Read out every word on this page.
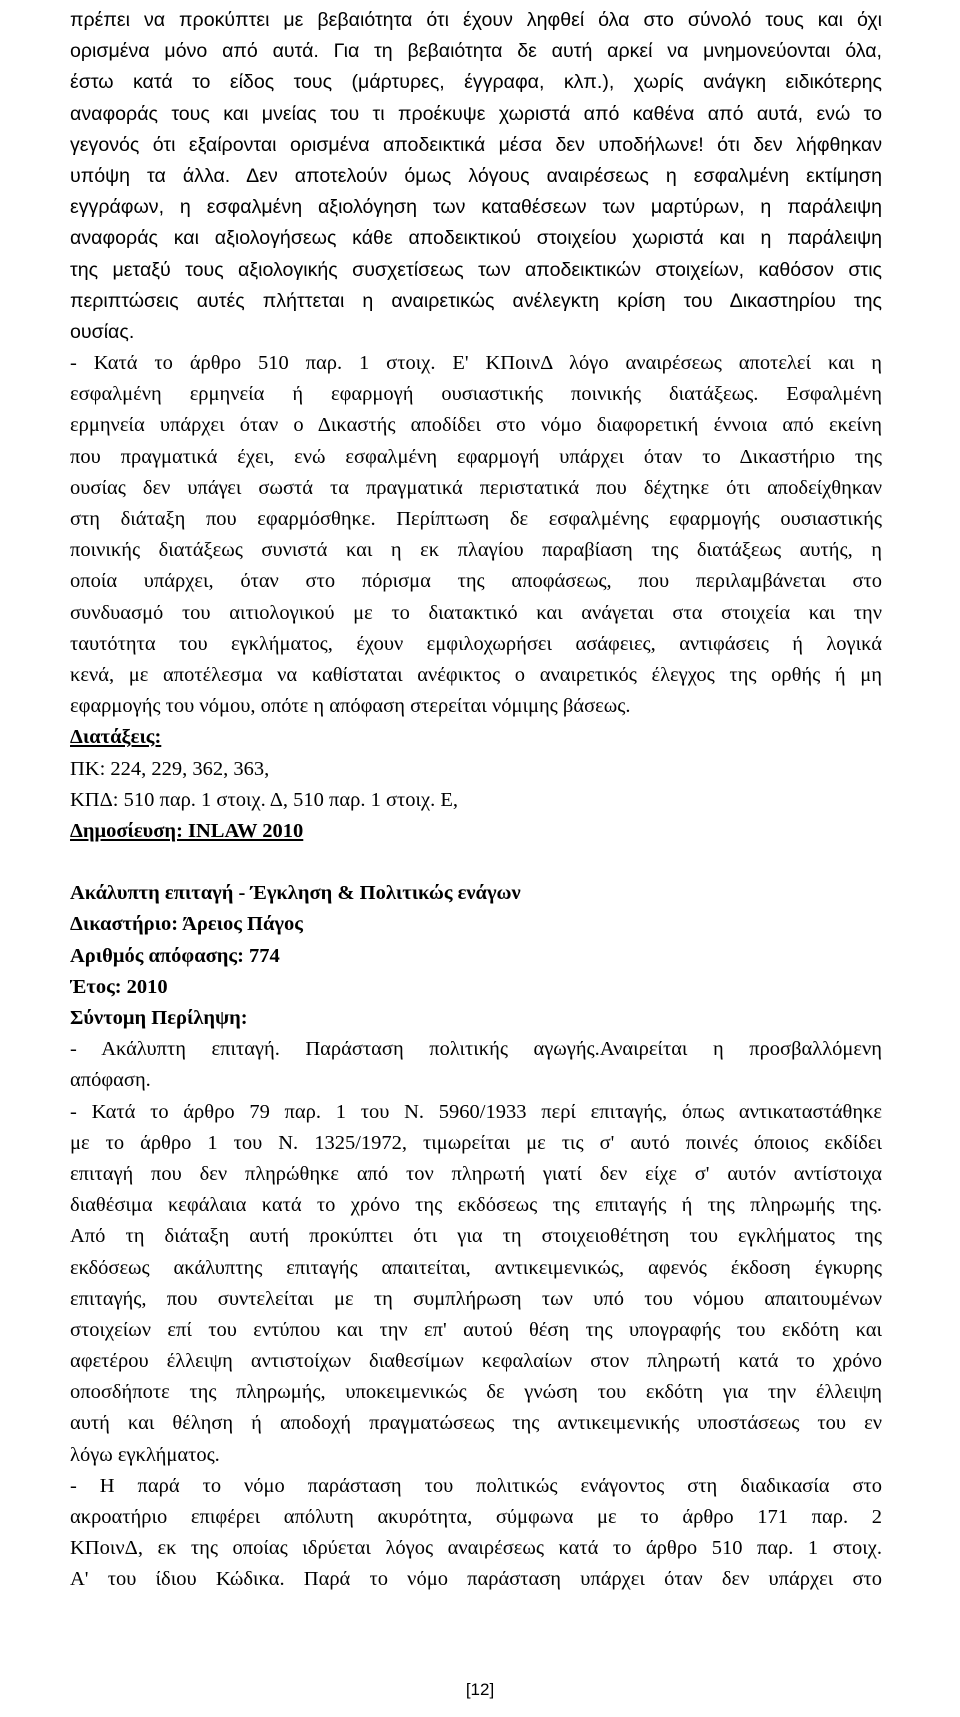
πρέπει να προκύπτει με βεβαιότητα ότι έχουν ληφθεί όλα στο σύνολό τους και όχι
ορισμένα μόνο από αυτά. Για τη βεβαιότητα δε αυτή αρκεί να μνημονεύονται όλα,
έστω κατά το είδος τους (μάρτυρες, έγγραφα, κλπ.), χωρίς ανάγκη ειδικότερης
αναφοράς τους και μνείας του τι προέκυψε χωριστά από καθένα από αυτά, ενώ το
γεγονός ότι εξαίρονται ορισμένα αποδεικτικά μέσα δεν υποδήλωνε! ότι δεν λήφθηκαν
υπόψη τα άλλα. Δεν αποτελούν όμως λόγους αναιρέσεως η εσφαλμένη εκτίμηση
εγγράφων, η εσφαλμένη αξιολόγηση των καταθέσεων των μαρτύρων, η παράλειψη
αναφοράς και αξιολογήσεως κάθε αποδεικτικού στοιχείου χωριστά και η παράλειψη
της μεταξύ τους αξιολογικής συσχετίσεως των αποδεικτικών στοιχείων, καθόσον στις
περιπτώσεις αυτές πλήττεται η αναιρετικώς ανέλεγκτη κρίση του Δικαστηρίου της
ουσίας.
- Κατά το άρθρο 510 παρ. 1 στοιχ. Ε' ΚΠοινΔ λόγο αναιρέσεως αποτελεί και η
εσφαλμένη ερμηνεία ή εφαρμογή ουσιαστικής ποινικής διατάξεως. Εσφαλμένη
ερμηνεία υπάρχει όταν ο Δικαστής αποδίδει στο νόμο διαφορετική έννοια από εκείνη
που πραγματικά έχει, ενώ εσφαλμένη εφαρμογή υπάρχει όταν το Δικαστήριο της
ουσίας δεν υπάγει σωστά τα πραγματικά περιστατικά που δέχτηκε ότι αποδείχθηκαν
στη διάταξη που εφαρμόσθηκε. Περίπτωση δε εσφαλμένης εφαρμογής ουσιαστικής
ποινικής διατάξεως συνιστά και η εκ πλαγίου παραβίαση της διατάξεως αυτής, η
οποία υπάρχει, όταν στο πόρισμα της αποφάσεως, που περιλαμβάνεται στο
συνδυασμό του αιτιολογικού με το διατακτικό και ανάγεται στα στοιχεία και την
ταυτότητα του εγκλήματος, έχουν εμφιλοχωρήσει ασάφειες, αντιφάσεις ή λογικά
κενά, με αποτέλεσμα να καθίσταται ανέφικτος ο αναιρετικός έλεγχος της ορθής ή μη
εφαρμογής του νόμου, οπότε η απόφαση στερείται νόμιμης βάσεως.
Διατάξεις:
ΠΚ: 224, 229, 362, 363,
ΚΠΔ: 510 παρ. 1 στοιχ. Δ, 510 παρ. 1 στοιχ. Ε,
Δημοσίευση: INLAW 2010
Ακάλυπτη επιταγή - Έγκληση & Πολιτικώς ενάγων
Δικαστήριο: Άρειος Πάγος
Αριθμός απόφασης: 774
Έτος: 2010
Σύντομη Περίληψη:
- Ακάλυπτη επιταγή. Παράσταση πολιτικής αγωγής.Αναιρείται η προσβαλλόμενη
απόφαση.
- Κατά το άρθρο 79 παρ. 1 του Ν. 5960/1933 περί επιταγής, όπως αντικαταστάθηκε
με το άρθρο 1 του Ν. 1325/1972, τιμωρείται με τις σ' αυτό ποινές όποιος εκδίδει
επιταγή που δεν πληρώθηκε από τον πληρωτή γιατί δεν είχε σ' αυτόν αντίστοιχα
διαθέσιμα κεφάλαια κατά το χρόνο της εκδόσεως της επιταγής ή της πληρωμής της.
Από τη διάταξη αυτή προκύπτει ότι για τη στοιχειοθέτηση του εγκλήματος της
εκδόσεως ακάλυπτης επιταγής απαιτείται, αντικειμενικώς, αφενός έκδοση έγκυρης
επιταγής, που συντελείται με τη συμπλήρωση των υπό του νόμου απαιτουμένων
στοιχείων επί του εντύπου και την επ' αυτού θέση της υπογραφής του εκδότη και
αφετέρου έλλειψη αντιστοίχων διαθεσίμων κεφαλαίων στον πληρωτή κατά το χρόνο
οποσδήποτε της πληρωμής, υποκειμενικώς δε γνώση του εκδότη για την έλλειψη
αυτή και θέληση ή αποδοχή πραγματώσεως της αντικειμενικής υποστάσεως του εν
λόγω εγκλήματος.
- Η παρά το νόμο παράσταση του πολιτικώς ενάγοντος στη διαδικασία στο
ακροατήριο επιφέρει απόλυτη ακυρότητα, σύμφωνα με το άρθρο 171 παρ. 2
ΚΠοινΔ, εκ της οποίας ιδρύεται λόγος αναιρέσεως κατά το άρθρο 510 παρ. 1 στοιχ.
Α' του ίδιου Κώδικα. Παρά το νόμο παράσταση υπάρχει όταν δεν υπάρχει στο
[12]
